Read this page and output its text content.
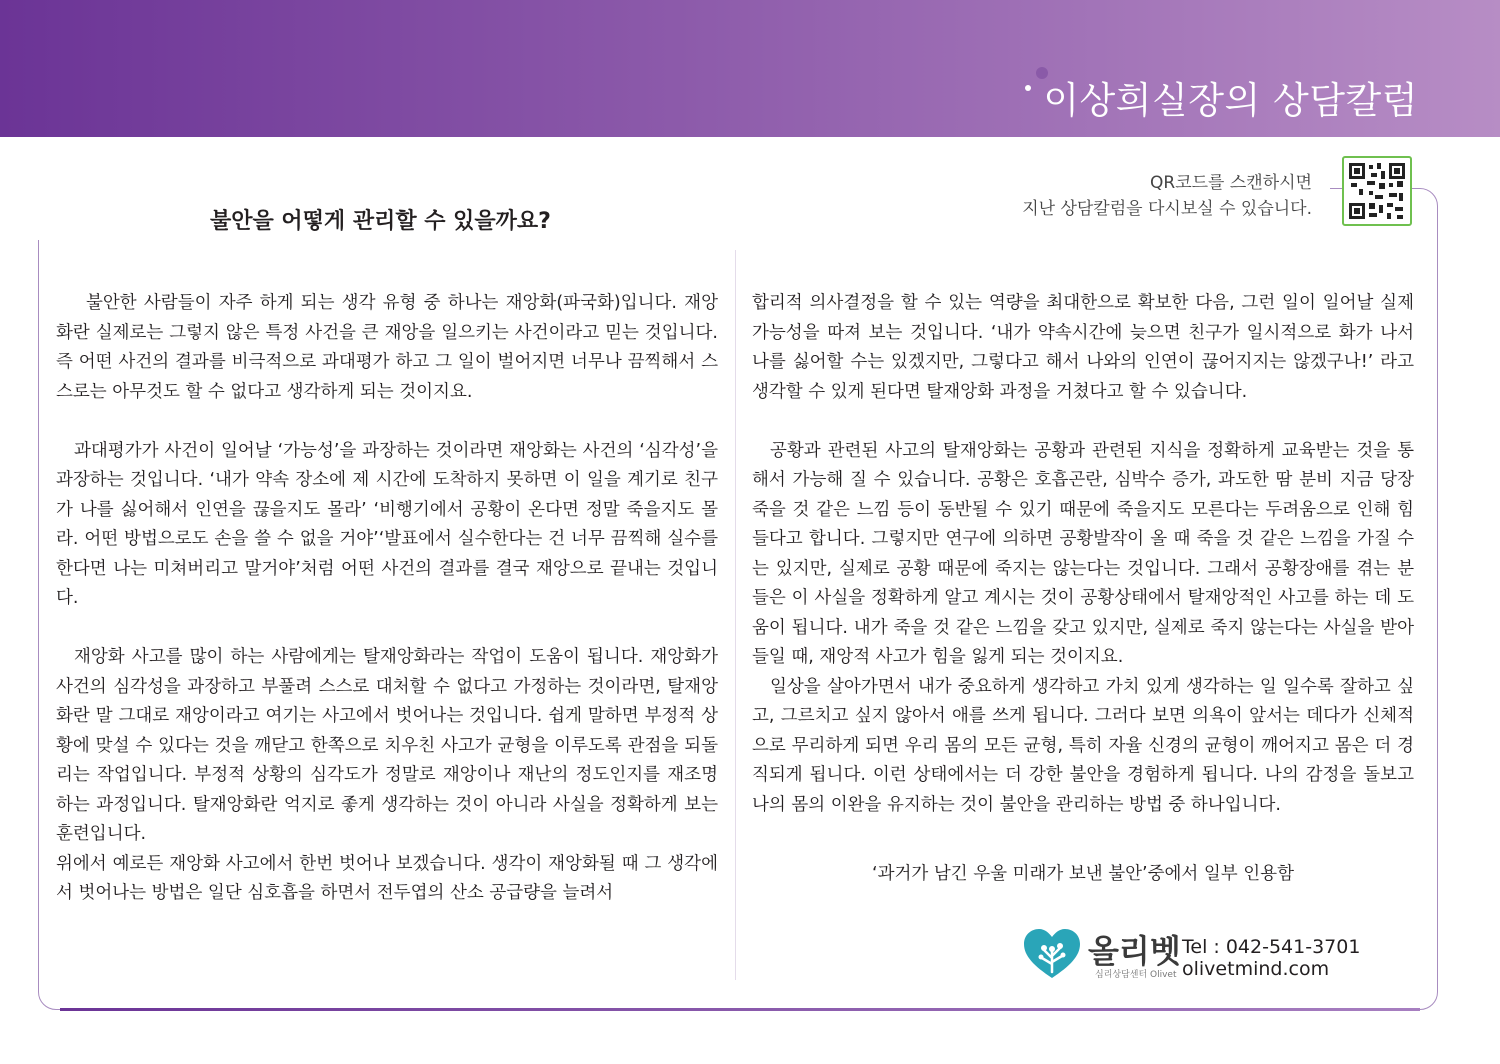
이상희실장의 상담칼럼
불안을 어떻게 관리할 수 있을까요?
QR코드를 스캔하시면
지난 상담칼럼을 다시보실 수 있습니다.

불안한 사람들이 자주 하게 되는 생각 유형 중 하나는 재앙화(파국화)입니다. 재앙화란 실제로는 그렇지 않은 특정 사건을 큰 재앙을 일으키는 사건이라고 믿는 것입니다. 즉 어떤 사건의 결과를 비극적으로 과대평가 하고 그 일이 벌어지면 너무나 끔찍해서 스스로는 아무것도 할 수 없다고 생각하게 되는 것이지요.

과대평가가 사건이 일어날 ‘가능성’을 과장하는 것이라면 재앙화는 사건의 ‘심각성’을 과장하는 것입니다. ‘내가 약속 장소에 제 시간에 도착하지 못하면 이 일을 계기로 친구가 나를 싫어해서 인연을 끊을지도 몰라’ ‘비행기에서 공황이 온다면 정말 죽을지도 몰라. 어떤 방법으로도 손을 쓸 수 없을 거야’‘발표에서 실수한다는 건 너무 끔찍해 실수를 한다면 나는 미쳐버리고 말거야’처럼 어떤 사건의 결과를 결국 재앙으로 끝내는 것입니다.

재앙화 사고를 많이 하는 사람에게는 탈재앙화라는 작업이 도움이 됩니다. 재앙화가 사건의 심각성을 과장하고 부풀려 스스로 대처할 수 없다고 가정하는 것이라면, 탈재앙화란 말 그대로 재앙이라고 여기는 사고에서 벗어나는 것입니다. 쉽게 말하면 부정적 상황에 맞설 수 있다는 것을 깨닫고 한쪽으로 치우친 사고가 균형을 이루도록 관점을 되돌리는 작업입니다. 부정적 상황의 심각도가 정말로 재앙이나 재난의 정도인지를 재조명하는 과정입니다. 탈재앙화란 억지로 좋게 생각하는 것이 아니라 사실을 정확하게 보는 훈련입니다.

위에서 예로든 재앙화 사고에서 한번 벗어나 보겠습니다. 생각이 재앙화될 때 그 생각에서 벗어나는 방법은 일단 심호흡을 하면서 전두엽의 산소 공급량을 늘려서

합리적 의사결정을 할 수 있는 역량을 최대한으로 확보한 다음, 그런 일이 일어날 실제 가능성을 따져 보는 것입니다. ‘내가 약속시간에 늦으면 친구가 일시적으로 화가 나서 나를 싫어할 수는 있겠지만, 그렇다고 해서 나와의 인연이 끊어지지는 않겠구나!’ 라고 생각할 수 있게 된다면 탈재앙화 과정을 거쳤다고 할 수 있습니다.

공황과 관련된 사고의 탈재앙화는 공황과 관련된 지식을 정확하게 교육받는 것을 통해서 가능해 질 수 있습니다. 공황은 호흡곤란, 심박수 증가, 과도한 땀 분비 지금 당장 죽을 것 같은 느낌 등이 동반될 수 있기 때문에 죽을지도 모른다는 두려움으로 인해 힘들다고 합니다. 그렇지만 연구에 의하면 공황발작이 올 때 죽을 것 같은 느낌을 가질 수는 있지만, 실제로 공황 때문에 죽지는 않는다는 것입니다. 그래서 공황장애를 겪는 분들은 이 사실을 정확하게 알고 계시는 것이 공황상태에서 탈재앙적인 사고를 하는 데 도움이 됩니다. 내가 죽을 것 같은 느낌을 갖고 있지만, 실제로 죽지 않는다는 사실을 받아들일 때, 재앙적 사고가 힘을 잃게 되는 것이지요.

일상을 살아가면서 내가 중요하게 생각하고 가치 있게 생각하는 일 일수록 잘하고 싶고, 그르치고 싶지 않아서 애를 쓰게 됩니다. 그러다 보면 의욕이 앞서는 데다가 신체적으로 무리하게 되면 우리 몸의 모든 균형, 특히 자율 신경의 균형이 깨어지고 몸은 더 경직되게 됩니다. 이런 상태에서는 더 강한 불안을 경험하게 됩니다. 나의 감정을 돌보고 나의 몸의 이완을 유지하는 것이 불안을 관리하는 방법 중 하나입니다.

‘과거가 남긴 우울 미래가 보낸 불안’중에서 일부 인용함
올리벳
심리상담센터 Olivet
Tel : 042-541-3701
olivetmind.com
